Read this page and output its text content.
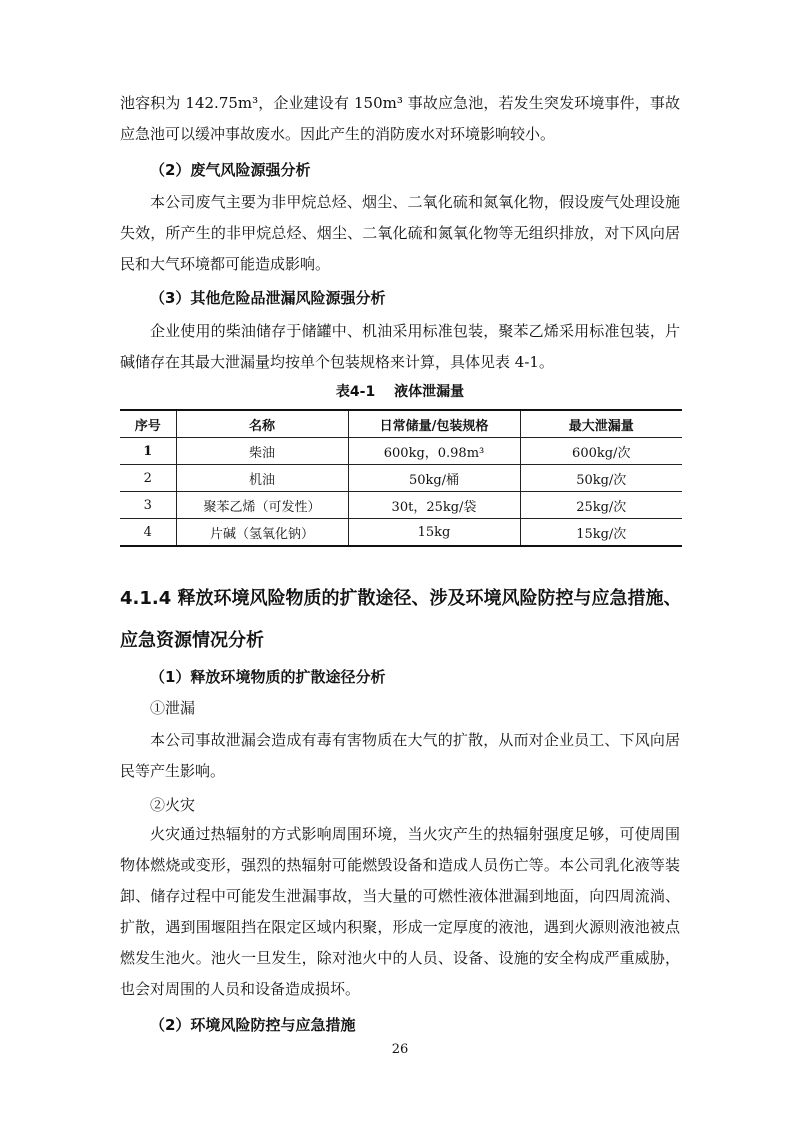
池容积为 142.75m³，企业建设有 150m³ 事故应急池，若发生突发环境事件，事故应急池可以缓冲事故废水。因此产生的消防废水对环境影响较小。

（2）废气风险源强分析

本公司废气主要为非甲烷总烃、烟尘、二氧化硫和氮氧化物，假设废气处理设施失效，所产生的非甲烷总烃、烟尘、二氧化硫和氮氧化物等无组织排放，对下风向居民和大气环境都可能造成影响。

（3）其他危险品泄漏风险源强分析

企业使用的柴油储存于储罐中、机油采用标准包装，聚苯乙烯采用标准包装，片碱储存在其最大泄漏量均按单个包装规格来计算，具体见表 4-1。

表4-1　 液体泄漏量

序号	名称	日常储量/包装规格	最大泄漏量
1	柴油	600kg，0.98m³	600kg/次
2	机油	50kg/桶	50kg/次
3	聚苯乙烯（可发性）	30t，25kg/袋	25kg/次
4	片碱（氢氧化钠）	15kg	15kg/次

4.1.4 释放环境风险物质的扩散途径、涉及环境风险防控与应急措施、应急资源情况分析

（1）释放环境物质的扩散途径分析

①泄漏

本公司事故泄漏会造成有毒有害物质在大气的扩散，从而对企业员工、下风向居民等产生影响。

②火灾

火灾通过热辐射的方式影响周围环境，当火灾产生的热辐射强度足够，可使周围物体燃烧或变形，强烈的热辐射可能燃毁设备和造成人员伤亡等。本公司乳化液等装卸、储存过程中可能发生泄漏事故，当大量的可燃性液体泄漏到地面，向四周流淌、扩散，遇到围堰阻挡在限定区域内积聚，形成一定厚度的液池，遇到火源则液池被点燃发生池火。池火一旦发生，除对池火中的人员、设备、设施的安全构成严重威胁，也会对周围的人员和设备造成损坏。

（2）环境风险防控与应急措施

26
